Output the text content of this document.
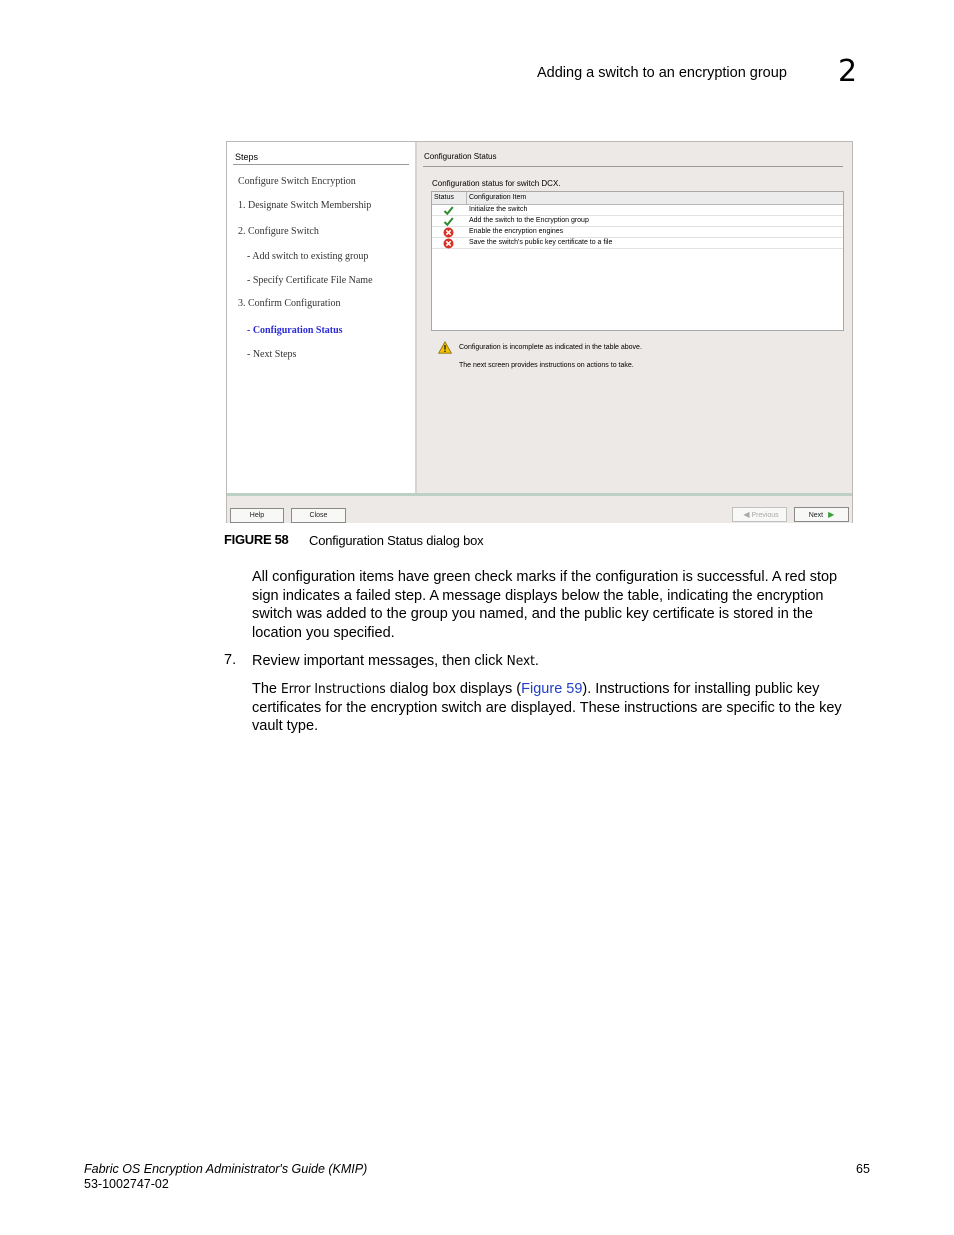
Adding a switch to an encryption group 2
Steps
Configure Switch Encryption
1. Designate Switch Membership
2. Configure Switch
- Add switch to existing group
- Specify Certificate File Name
3. Confirm Configuration
- Configuration Status
- Next Steps
Configuration Status
Configuration status for switch DCX.
Status Configuration Item
Initialize the switch
Add the switch to the Encryption group
Enable the encryption engines
Save the switch's public key certificate to a file
Configuration is incomplete as indicated in the table above.
The next screen provides instructions on actions to take.
Help	Close	◀ Previous	Next ▶
FIGURE 58 Configuration Status dialog box
All configuration items have green check marks if the configuration is successful. A red stop sign indicates a failed step. A message displays below the table, indicating the encryption switch was added to the group you named, and the public key certificate is stored in the location you specified.
7. Review important messages, then click Next.
The Error Instructions dialog box displays (Figure 59). Instructions for installing public key certificates for the encryption switch are displayed. These instructions are specific to the key vault type.
Fabric OS Encryption Administrator's Guide (KMIP)
53-1002747-02
65
